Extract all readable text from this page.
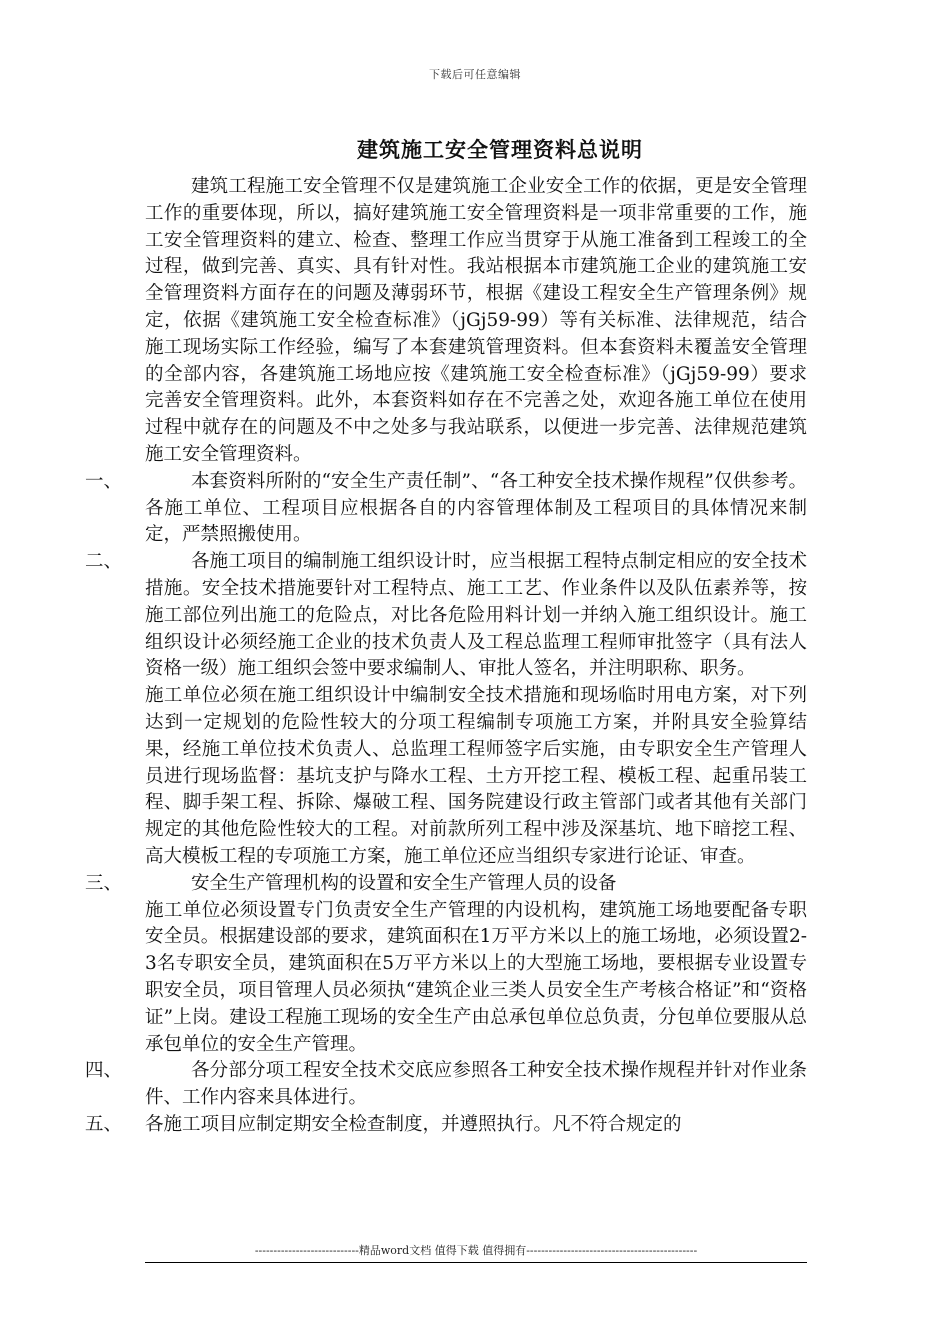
下载后可任意编辑
建筑施工安全管理资料总说明

建筑工程施工安全管理不仅是建筑施工企业安全工作的依据，更是安全管理工作的重要体现，所以，搞好建筑施工安全管理资料是一项非常重要的工作，施工安全管理资料的建立、检查、整理工作应当贯穿于从施工准备到工程竣工的全过程，做到完善、真实、具有针对性。我站根据本市建筑施工企业的建筑施工安全管理资料方面存在的问题及薄弱环节，根据《建设工程安全生产管理条例》规定，依据《建筑施工安全检查标准》（jGj59-99）等有关标准、法律规范，结合施工现场实际工作经验，编写了本套建筑管理资料。但本套资料未覆盖安全管理的全部内容，各建筑施工场地应按《建筑施工安全检查标准》（jGj59-99）要求完善安全管理资料。此外，本套资料如存在不完善之处，欢迎各施工单位在使用过程中就存在的问题及不中之处多与我站联系，以便进一步完善、法律规范建筑施工安全管理资料。

一、	本套资料所附的“安全生产责任制”、“各工种安全技术操作规程”仅供参考。各施工单位、工程项目应根据各自的内容管理体制及工程项目的具体情况来制定，严禁照搬使用。

二、	各施工项目的编制施工组织设计时，应当根据工程特点制定相应的安全技术措施。安全技术措施要针对工程特点、施工工艺、作业条件以及队伍素养等，按施工部位列出施工的危险点，对比各危险用料计划一并纳入施工组织设计。施工组织设计必须经施工企业的技术负责人及工程总监理工程师审批签字（具有法人资格一级）施工组织会签中要求编制人、审批人签名，并注明职称、职务。

施工单位必须在施工组织设计中编制安全技术措施和现场临时用电方案，对下列达到一定规划的危险性较大的分项工程编制专项施工方案，并附具安全验算结果，经施工单位技术负责人、总监理工程师签字后实施，由专职安全生产管理人员进行现场监督：基坑支护与降水工程、土方开挖工程、模板工程、起重吊装工程、脚手架工程、拆除、爆破工程、国务院建设行政主管部门或者其他有关部门规定的其他危险性较大的工程。对前款所列工程中涉及深基坑、地下暗挖工程、高大模板工程的专项施工方案，施工单位还应当组织专家进行论证、审查。

三、	安全生产管理机构的设置和安全生产管理人员的设备

施工单位必须设置专门负责安全生产管理的内设机构，建筑施工场地要配备专职安全员。根据建设部的要求，建筑面积在1万平方米以上的施工场地，必须设置2-3名专职安全员，建筑面积在5万平方米以上的大型施工场地，要根据专业设置专职安全员，项目管理人员必须执“建筑企业三类人员安全生产考核合格证”和“资格证”上岗。建设工程施工现场的安全生产由总承包单位总负责，分包单位要服从总承包单位的安全生产管理。

四、	各分部分项工程安全技术交底应参照各工种安全技术操作规程并针对作业条件、工作内容来具体进行。

五、	各施工项目应制定期安全检查制度，并遵照执行。凡不符合规定的

----------------------------精品word文档 值得下载 值得拥有----------------------------------------------
